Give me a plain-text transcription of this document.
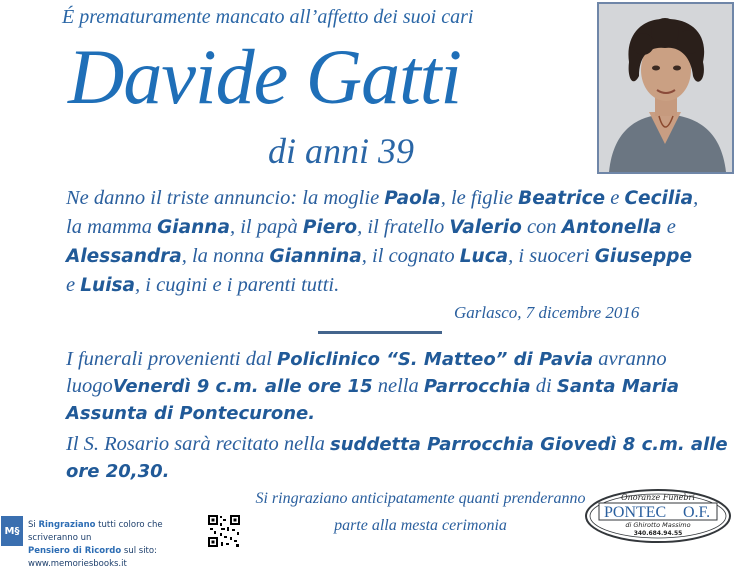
É prematuramente mancato all’affetto dei suoi cari
Davide Gatti
di anni 39
Ne danno il triste annuncio: la moglie Paola, le figlie Beatrice e Cecilia, la mamma Gianna, il papà Piero, il fratello Valerio con Antonella e Alessandra, la nonna Giannina, il cognato Luca, i suoceri Giuseppe e Luisa, i cugini e i parenti tutti.
Garlasco, 7 dicembre 2016
I funerali provenienti dal Policlinico “S. Matteo” di Pavia avranno luogoVenerdì 9 c.m. alle ore 15 nella Parrocchia di Santa Maria Assunta di Pontecurone.
Il S. Rosario sarà recitato nella suddetta Parrocchia Giovedì 8 c.m. alle ore 20,30.
Si ringraziano anticipatamente quanti prenderanno parte alla mesta cerimonia
M§
Si Ringraziano tutti coloro che scriveranno un
Pensiero di Ricordo sul sito: www.memoriesbooks.it
Onoranze Funebri
PONTEC O.F.
di Ghirotto Massimo
340.684.94.55
